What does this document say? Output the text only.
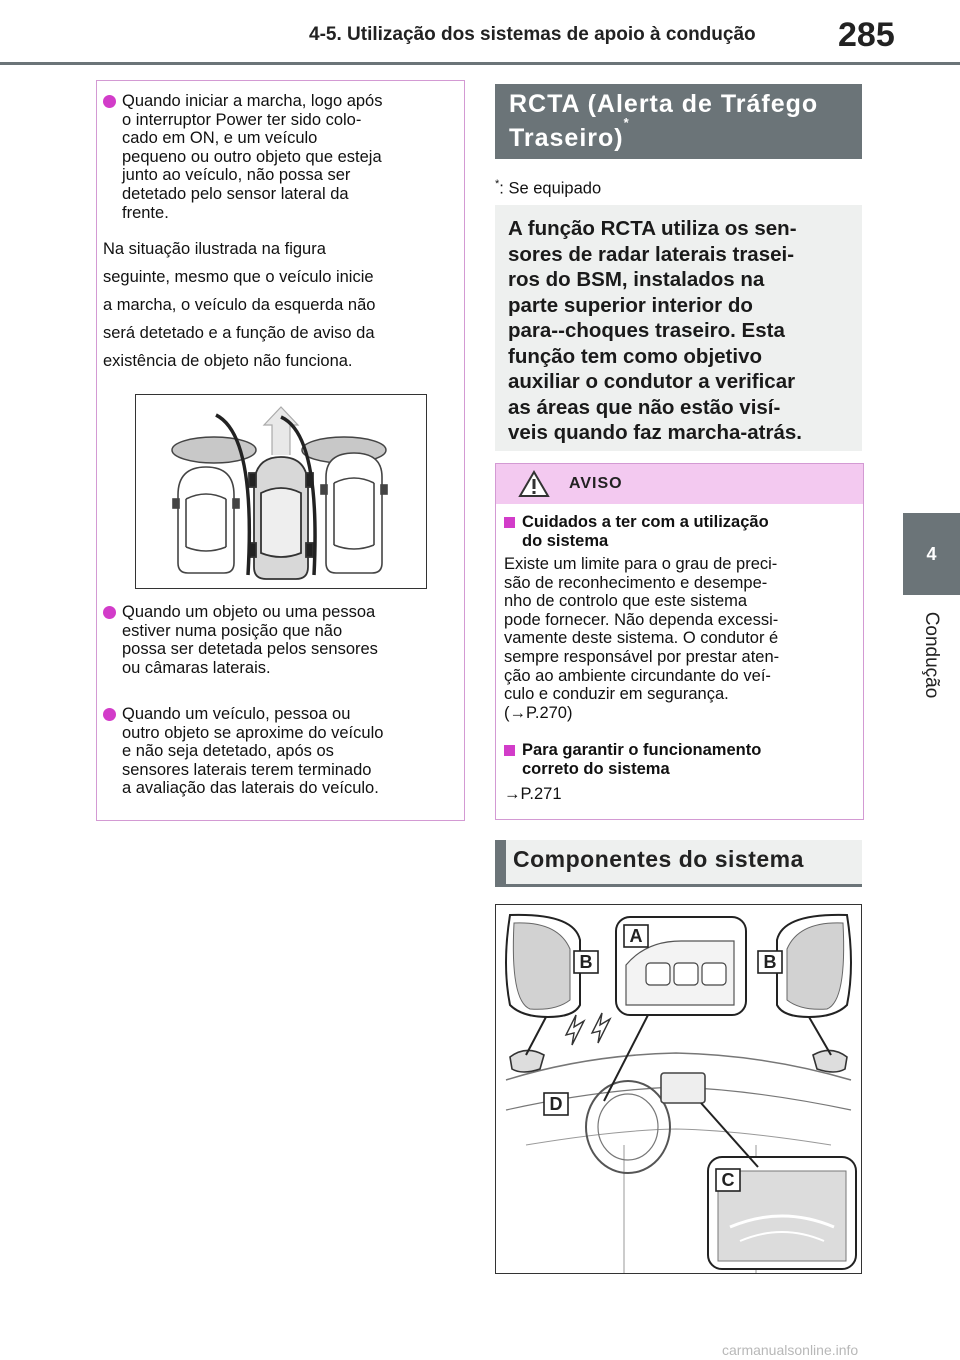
4-5. Utilização dos sistemas de apoio à condução 285
4
Condução
Quando iniciar a marcha, logo após
o interruptor Power ter sido colo-
cado em ON, e um veículo
pequeno ou outro objeto que esteja
junto ao veículo, não possa ser
detetado pelo sensor lateral da
frente.
Na situação ilustrada na figura
seguinte, mesmo que o veículo inicie
a marcha, o veículo da esquerda não
será detetado e a função de aviso da
existência de objeto não funciona.
Quando um objeto ou uma pessoa
estiver numa posição que não
possa ser detetada pelos sensores
ou câmaras laterais.
Quando um veículo, pessoa ou
outro objeto se aproxime do veículo
e não seja detetado, após os
sensores laterais terem terminado
a avaliação das laterais do veículo.
RCTA (Alerta de Tráfego
Traseiro)*
*: Se equipado
A função RCTA utiliza os sen-
sores de radar laterais trasei-
ros do BSM, instalados na
parte superior interior do
para--choques traseiro. Esta
função tem como objetivo
auxiliar o condutor a verificar
as áreas que não estão visí-
veis quando faz marcha-atrás.
Cuidados a ter com a utilização
do sistema
Existe um limite para o grau de preci-
são de reconhecimento e desempe-
nho de controlo que este sistema
pode fornecer. Não dependa excessi-
vamente deste sistema. O condutor é
sempre responsável por prestar aten-
ção ao ambiente circundante do veí-
culo e conduzir em segurança.
(→P.270)
Para garantir o funcionamento
correto do sistema
→P.271
AVISO
Componentes do sistema
A
B	B
D
C
carmanualsonline.info
